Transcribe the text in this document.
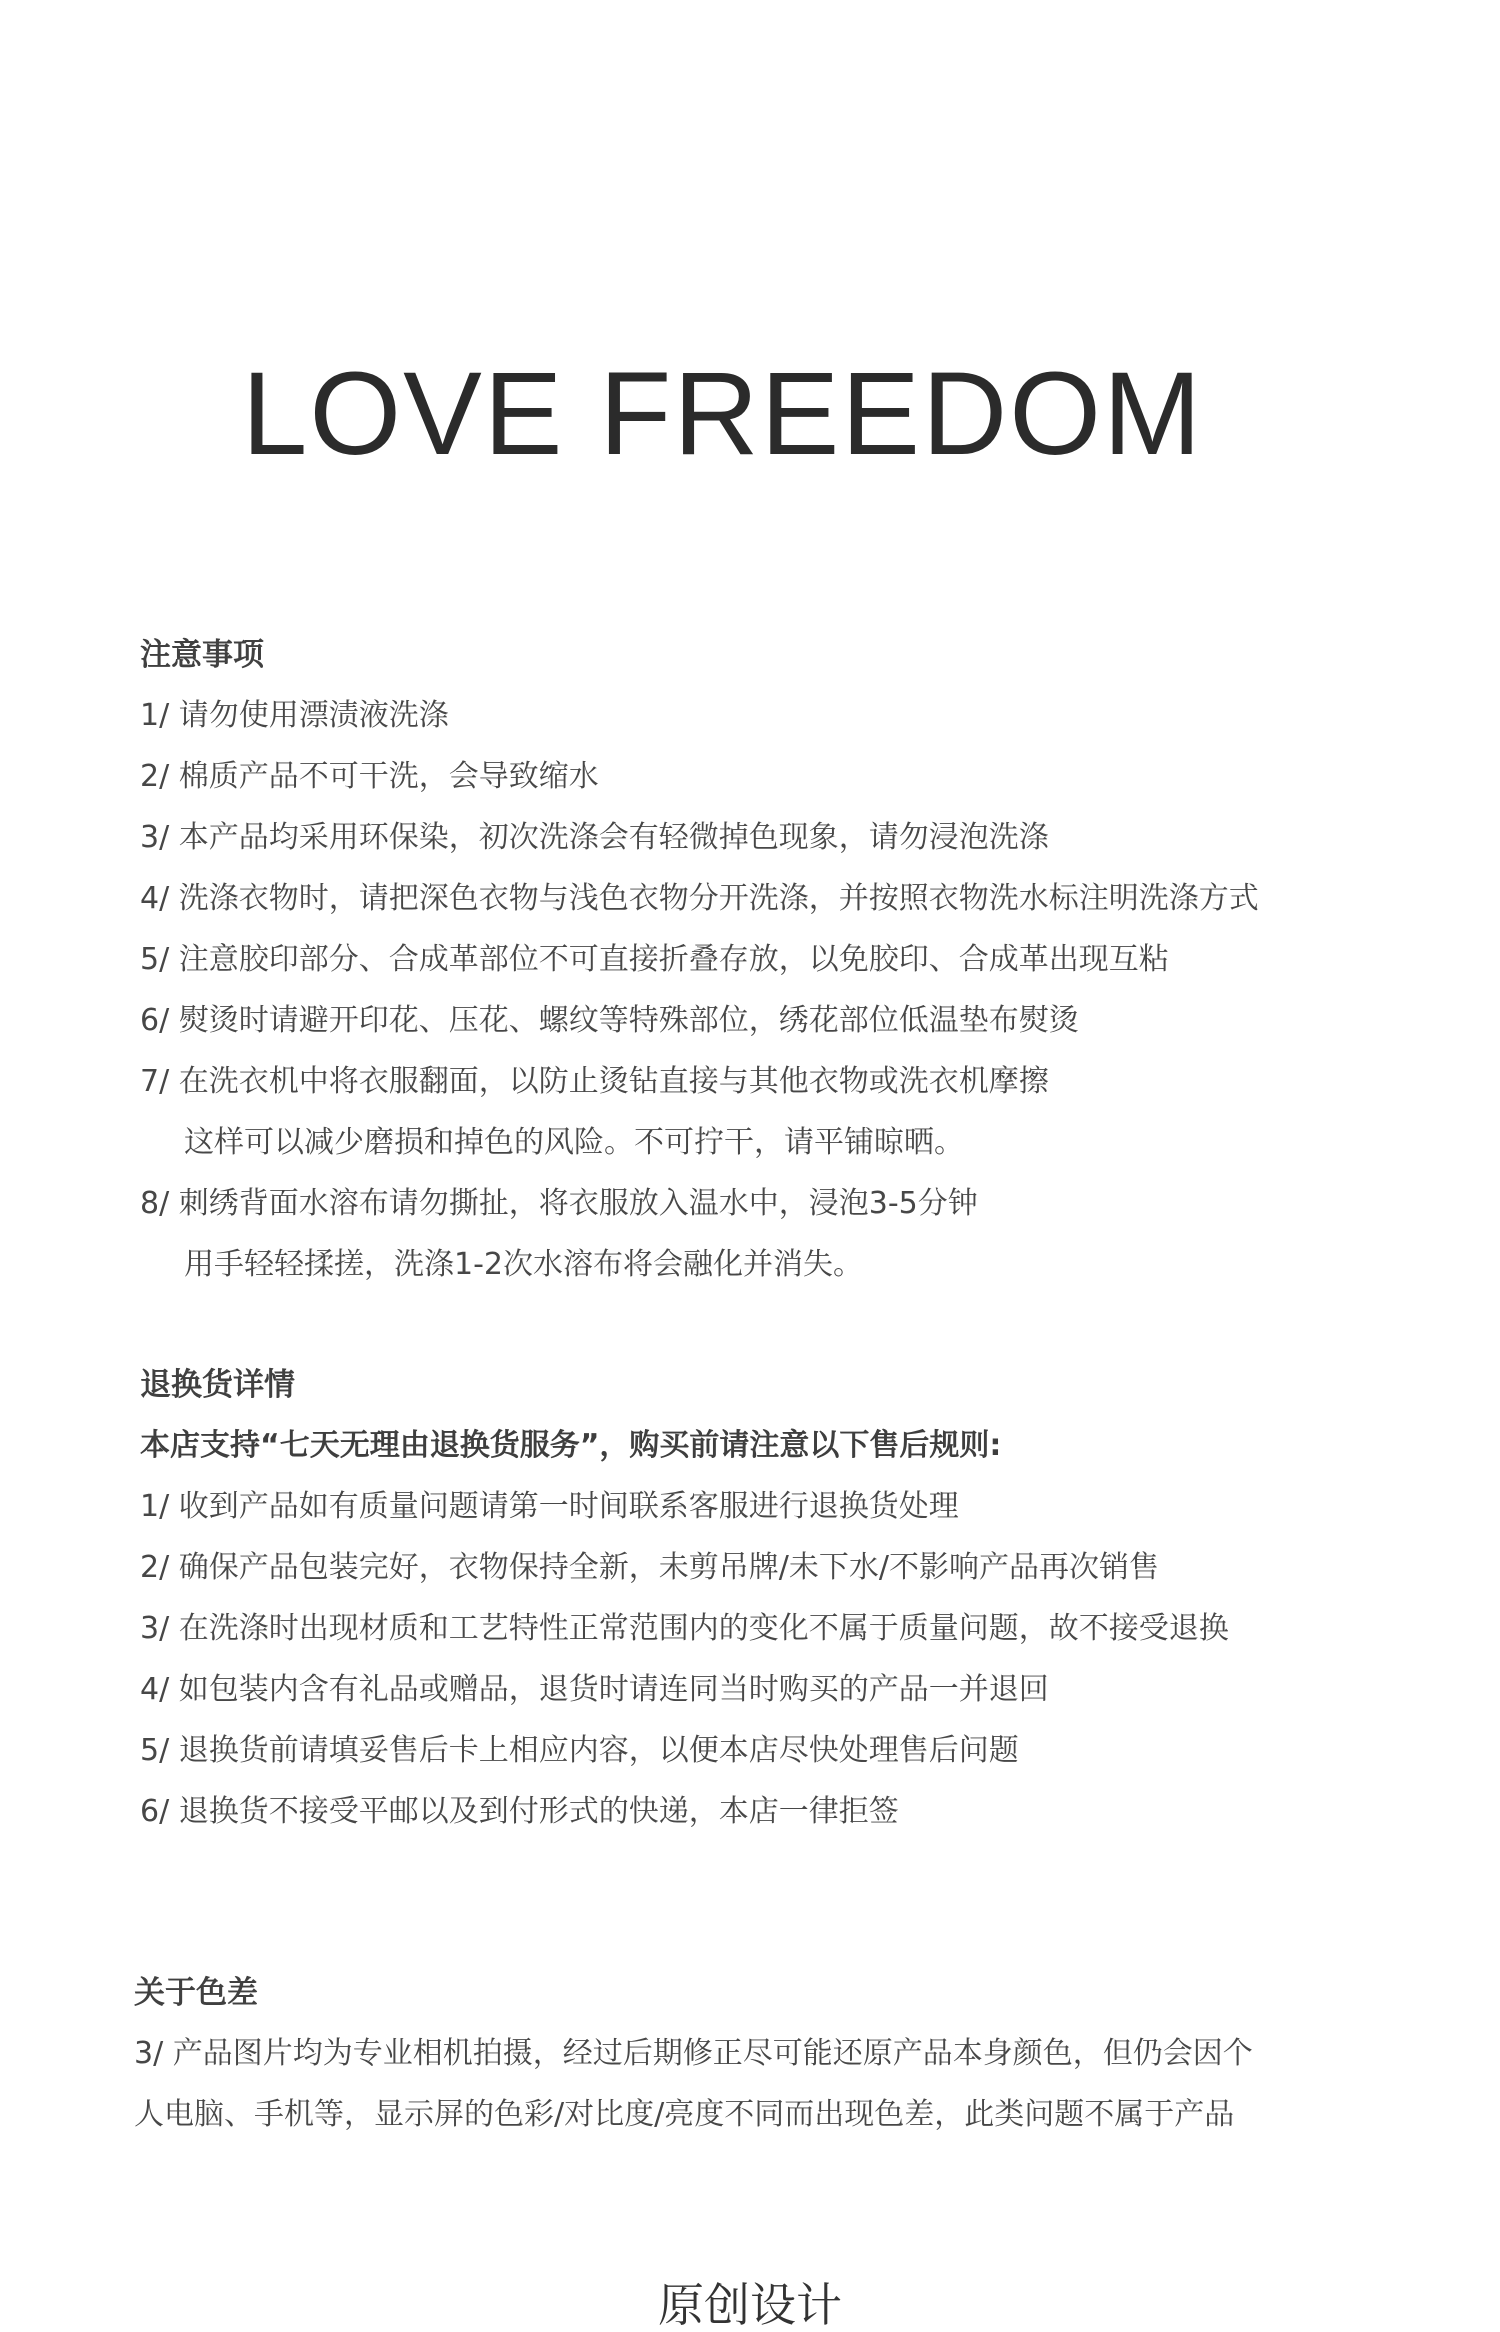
LOVE FREEDOM
注意事项
1/ 请勿使用漂渍液洗涤
2/ 棉质产品不可干洗，会导致缩水
3/ 本产品均采用环保染，初次洗涤会有轻微掉色现象，请勿浸泡洗涤
4/ 洗涤衣物时，请把深色衣物与浅色衣物分开洗涤，并按照衣物洗水标注明洗涤方式
5/ 注意胶印部分、合成革部位不可直接折叠存放，以免胶印、合成革出现互粘
6/ 熨烫时请避开印花、压花、螺纹等特殊部位，绣花部位低温垫布熨烫
7/ 在洗衣机中将衣服翻面，以防止烫钻直接与其他衣物或洗衣机摩擦
这样可以减少磨损和掉色的风险。不可拧干，请平铺晾晒。
8/ 刺绣背面水溶布请勿撕扯，将衣服放入温水中，浸泡3-5分钟
用手轻轻揉搓，洗涤1-2次水溶布将会融化并消失。
退换货详情
本店支持“七天无理由退换货服务”，购买前请注意以下售后规则:
1/ 收到产品如有质量问题请第一时间联系客服进行退换货处理
2/ 确保产品包装完好，衣物保持全新，未剪吊牌/未下水/不影响产品再次销售
3/ 在洗涤时出现材质和工艺特性正常范围内的变化不属于质量问题，故不接受退换
4/ 如包装内含有礼品或赠品，退货时请连同当时购买的产品一并退回
5/ 退换货前请填妥售后卡上相应内容，以便本店尽快处理售后问题
6/ 退换货不接受平邮以及到付形式的快递，本店一律拒签
关于色差
3/ 产品图片均为专业相机拍摄，经过后期修正尽可能还原产品本身颜色，但仍会因个
人电脑、手机等，显示屏的色彩/对比度/亮度不同而出现色差，此类问题不属于产品
原创设计
